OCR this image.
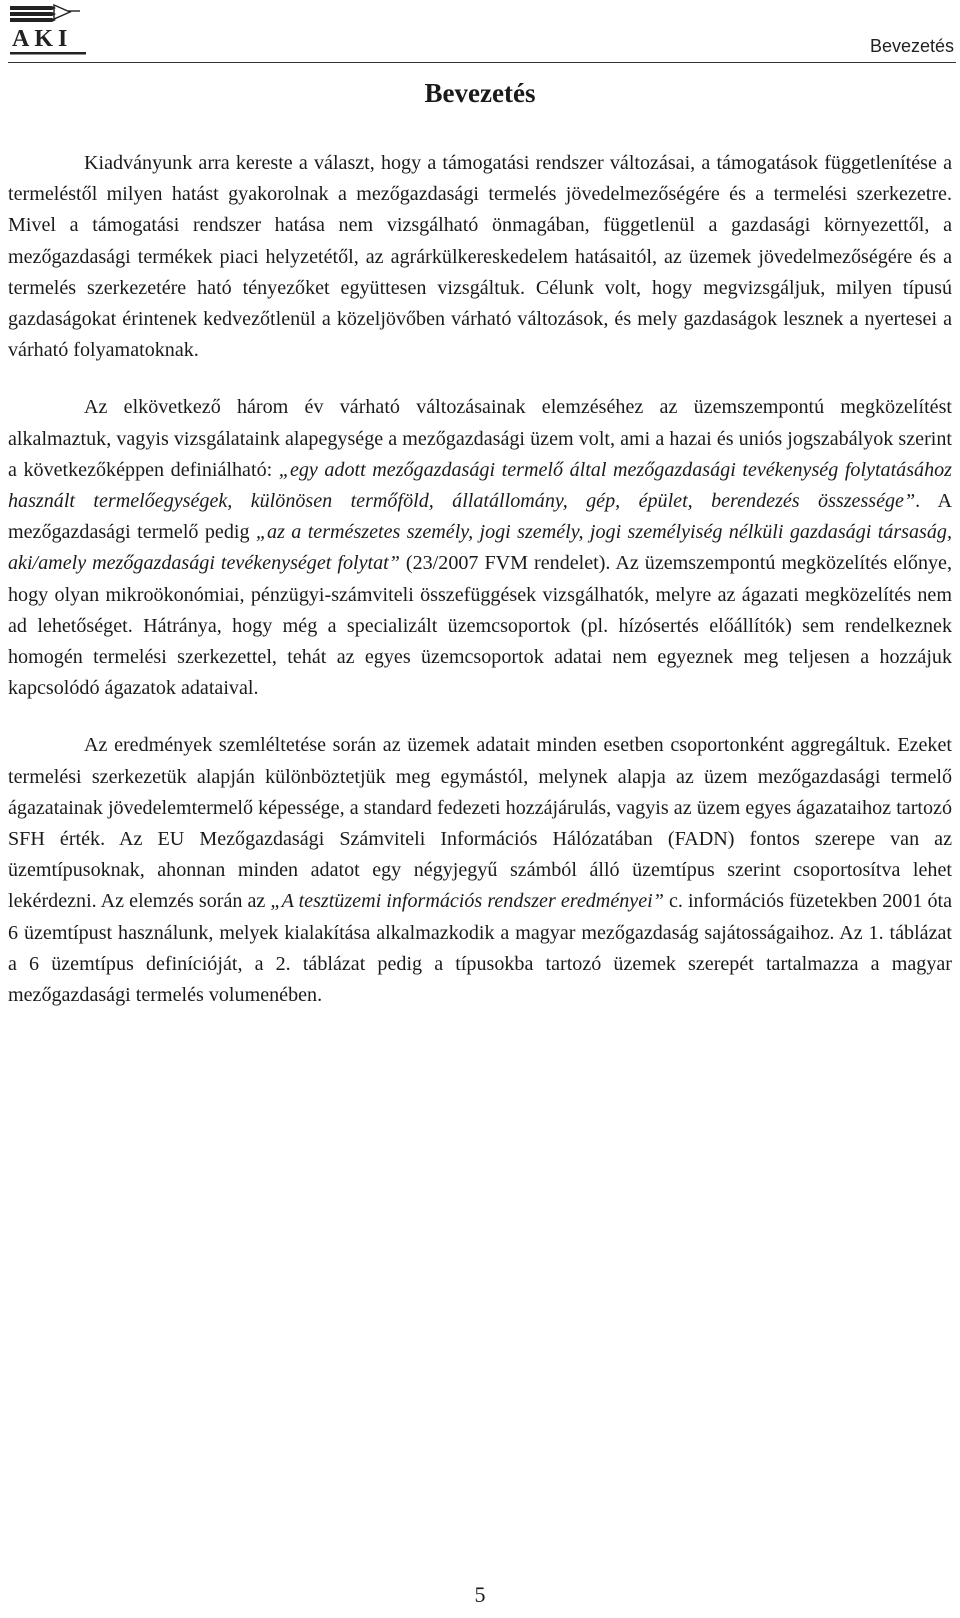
AKI	Bevezetés
Bevezetés

Kiadványunk arra kereste a választ, hogy a támogatási rendszer változásai, a támogatások függetlenítése a termeléstől milyen hatást gyakorolnak a mezőgazdasági termelés jövedelmezőségére és a termelési szerkezetre. Mivel a támogatási rendszer hatása nem vizsgálható önmagában, függetlenül a gazdasági környezettől, a mezőgazdasági termékek piaci helyzetétől, az agrárkülkereskedelem hatásaitól, az üzemek jövedelmezőségére és a termelés szerkezetére ható tényezőket együttesen vizsgáltuk. Célunk volt, hogy megvizsgáljuk, milyen típusú gazdaságokat érintenek kedvezőtlenül a közeljövőben várható változások, és mely gazdaságok lesznek a nyertesei a várható folyamatoknak.

Az elkövetkező három év várható változásainak elemzéséhez az üzemszempontú megközelítést alkalmaztuk, vagyis vizsgálataink alapegysége a mezőgazdasági üzem volt, ami a hazai és uniós jogszabályok szerint a következőképpen definiálható: „egy adott mezőgazdasági termelő által mezőgazdasági tevékenység folytatásához használt termelőegységek, különösen termőföld, állatállomány, gép, épület, berendezés összessége”. A mezőgazdasági termelő pedig „az a természetes személy, jogi személy, jogi személyiség nélküli gazdasági társaság, aki/amely mezőgazdasági tevékenységet folytat” (23/2007 FVM rendelet). Az üzemszempontú megközelítés előnye, hogy olyan mikroökonómiai, pénzügyi-számviteli összefüggések vizsgálhatók, melyre az ágazati megközelítés nem ad lehetőséget. Hátránya, hogy még a specializált üzemcsoportok (pl. hízósertés előállítók) sem rendelkeznek homogén termelési szerkezettel, tehát az egyes üzemcsoportok adatai nem egyeznek meg teljesen a hozzájuk kapcsolódó ágazatok adataival.

Az eredmények szemléltetése során az üzemek adatait minden esetben csoportonként aggregáltuk. Ezeket termelési szerkezetük alapján különböztetjük meg egymástól, melynek alapja az üzem mezőgazdasági termelő ágazatainak jövedelemtermelő képessége, a standard fedezeti hozzájárulás, vagyis az üzem egyes ágazataihoz tartozó SFH érték. Az EU Mezőgazdasági Számviteli Információs Hálózatában (FADN) fontos szerepe van az üzemtípusoknak, ahonnan minden adatot egy négyjegyű számból álló üzemtípus szerint csoportosítva lehet lekérdezni. Az elemzés során az „A tesztüzemi információs rendszer eredményei” c. információs füzetekben 2001 óta 6 üzemtípust használunk, melyek kialakítása alkalmazkodik a magyar mezőgazdaság sajátosságaihoz. Az 1. táblázat a 6 üzemtípus definícióját, a 2. táblázat pedig a típusokba tartozó üzemek szerepét tartalmazza a magyar mezőgazdasági termelés volumenében.

5
